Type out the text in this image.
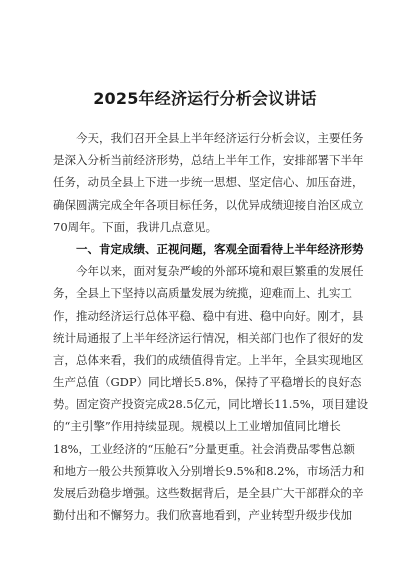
2025年经济运行分析会议讲话
　　今天，我们召开全县上半年经济运行分析会议，主要任务
是深入分析当前经济形势，总结上半年工作，安排部署下半年
任务，动员全县上下进一步统一思想、坚定信心、加压奋进，
确保圆满完成全年各项目标任务，以优异成绩迎接自治区成立
70周年。下面，我讲几点意见。
　　一、肯定成绩、正视问题，客观全面看待上半年经济形势
　　今年以来，面对复杂严峻的外部环境和艰巨繁重的发展任
务，全县上下坚持以高质量发展为统揽，迎难而上、扎实工
作，推动经济运行总体平稳、稳中有进、稳中向好。刚才，县
统计局通报了上半年经济运行情况，相关部门也作了很好的发
言，总体来看，我们的成绩值得肯定。上半年，全县实现地区
生产总值（GDP）同比增长5.8%，保持了平稳增长的良好态
势。固定资产投资完成28.5亿元，同比增长11.5%，项目建设
的“主引擎”作用持续显现。规模以上工业增加值同比增长
18%，工业经济的“压舱石”分量更重。社会消费品零售总额
和地方一般公共预算收入分别增长9.5%和8.2%，市场活力和
发展后劲稳步增强。这些数据背后，是全县广大干部群众的辛
勤付出和不懈努力。我们欣喜地看到，产业转型升级步伐加
